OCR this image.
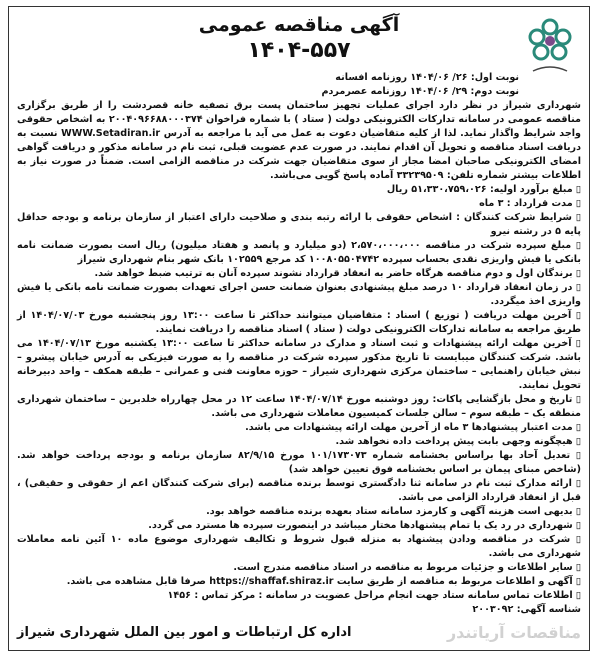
آگهی مناقصه عمومی
۱۴۰۴-۵۵۷

نوبت اول: ۲۶/ ۱۴۰۴/۰۶ روزنامه افسانه

نوبت دوم: ۲۹/ ۱۴۰۴/۰۶ روزنامه عصرمردم

شهرداری شیراز در نظر دارد اجرای عملیات تجهیز ساختمان پست برق تصفیه خانه قصردشت را از طریق برگزاری مناقصه عمومی در سامانه تدارکات الکترونیکی دولت ( ستاد ) با شماره فراخوان ۲۰۰۴۰۹۶۶۸۸۰۰۰۳۷۴ به اشخاص حقوقی واجد شرایط واگذار نماید. لذا از کلیه متقاضیان دعوت به عمل می آید با مراجعه به آدرس WWW.Setadiran.ir نسبت به دریافت اسناد مناقصه و تحویل آن اقدام نمایند. در صورت عدم عضویت قبلی، ثبت نام در سامانه مذکور و دریافت گواهی امضای الکترونیکی صاحبان امضا مجاز از سوی متقاضیان جهت شرکت در مناقصه الزامی است. ضمناً در صورت نیاز به اطلاعات بیشتر شماره تلفن: ۳۳۲۳۹۵۰۹ آماده پاسخ گویی می‌باشد.

▯ مبلغ برآورد اولیه: ۵۱،۳۳۰،۷۵۹،۰۲۶ ریال

▯ مدت قرارداد : ۳ ماه

▯ شرایط شرکت کنندگان : اشخاص حقوقی با ارائه رتبه بندی و صلاحیت دارای اعتبار از سازمان برنامه و بودجه حداقل پایه ۵ در رشته نیرو

▯ مبلغ سپرده شرکت در مناقصه ۲،۵۷۰،۰۰۰،۰۰۰ (دو میلیارد و پانصد و هفتاد میلیون) ریال است بصورت ضمانت نامه بانکی یا فیش واریزی نقدی بحساب سپرده ۱۰۰۸۰۵۵۰۴۷۴۲ کد مرجع ۱۰۲۵۵۹ بانک شهر بنام شهرداری شیراز

▯ برندگان اول و دوم مناقصه هرگاه حاضر به انعقاد قرارداد نشوند سپرده آنان به ترتیب ضبط خواهد شد.

▯ در زمان انعقاد قرارداد ۱۰ درصد مبلغ پیشنهادی بعنوان ضمانت حسن اجرای تعهدات بصورت ضمانت نامه بانکی یا فیش واریزی اخذ میگردد.

▯ آخرین مهلت دریافت ( توزیع ) اسناد : متقاضیان میتوانند حداکثر تا ساعت ۱۳:۰۰ روز پنجشنبه مورخ ۱۴۰۴/۰۷/۰۳ از طریق مراجعه به سامانه تدارکات الکترونیکی دولت ( ستاد ) اسناد مناقصه را دریافت نمایند.

▯ آخرین مهلت ارائه پیشنهادات و ثبت اسناد و مدارک در سامانه حداکثر تا ساعت ۱۳:۰۰ یکشنبه مورخ ۱۴۰۴/۰۷/۱۳ می باشد. شرکت کنندگان میبایست تا تاریخ مذکور سپرده شرکت در مناقصه را به صورت فیزیکی به آدرس خیابان پیشرو – نبش خیابان راهنمایی – ساختمان مرکزی شهرداری شیراز – حوزه معاونت فنی و عمرانی – طبقه همکف – واحد دبیرخانه تحویل نمایند.

▯ تاریخ و محل بازگشایی پاکات: روز دوشنبه مورخ ۱۴۰۴/۰۷/۱۴ ساعت ۱۲ در محل چهارراه خلدبرین – ساختمان شهرداری منطقه یک – طبقه سوم – سالن جلسات کمیسیون معاملات شهرداری می باشد.

▯ مدت اعتبار پیشنهادها ۳ ماه از آخرین مهلت ارائه پیشنهادات می باشد.

▯ هیچگونه وجهی بابت پیش پرداخت داده نخواهد شد.

▯ تعدیل آحاد بها براساس بخشنامه شماره ۱۰۱/۱۷۳۰۷۳ مورخ ۸۲/۹/۱۵ سازمان برنامه و بودجه پرداخت خواهد شد. (شاخص مبنای پیمان بر اساس بخشنامه فوق تعیین خواهد شد)

▯ ارائه مدارک ثبت نام در سامانه ثنا دادگستری توسط برنده مناقصه (برای شرکت کنندگان اعم از حقوقی و حقیقی) ، قبل از انعقاد قرارداد الزامی می باشد.

▯ بدیهی است هزینه آگهی و کارمزد سامانه ستاد بعهده برنده مناقصه خواهد بود.

▯ شهرداری در رد یک یا تمام پیشنهادها مختار میباشد در اینصورت سپرده ها مسترد می گردد.

▯ شرکت در مناقصه ودادن پیشنهاد به منزله قبول شروط و تکالیف شهرداری موضوع ماده ۱۰ آئین نامه معاملات شهرداری می باشد.

▯ سایر اطلاعات و جزئیات مربوط به مناقصه در اسناد مناقصه مندرج است.

▯ آگهی و اطلاعات مربوط به مناقصه از طریق سایت https://shaffaf.shiraz.ir صرفا قابل مشاهده می باشد.

▯ اطلاعات تماس سامانه ستاد جهت انجام مراحل عضویت در سامانه : مرکز تماس : ۱۴۵۶

شناسه آگهی: ۲۰۰۳۰۹۲

اداره کل ارتباطات و امور بین الملل شهرداری شیراز	مناقصات آریاتندر
